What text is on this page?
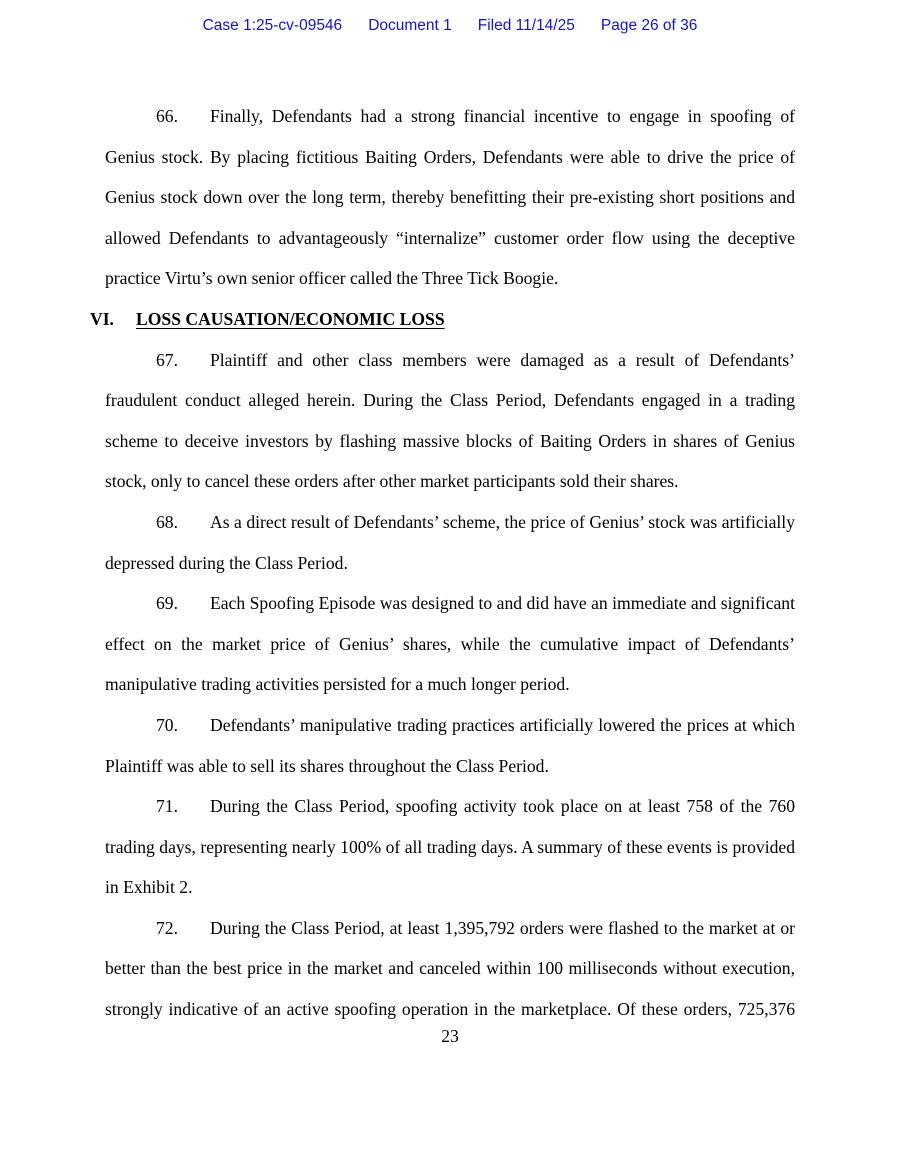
Case 1:25-cv-09546 Document 1 Filed 11/14/25 Page 26 of 36

66. Finally, Defendants had a strong financial incentive to engage in spoofing of Genius stock. By placing fictitious Baiting Orders, Defendants were able to drive the price of Genius stock down over the long term, thereby benefitting their pre-existing short positions and allowed Defendants to advantageously “internalize” customer order flow using the deceptive practice Virtu’s own senior officer called the Three Tick Boogie.

VI. LOSS CAUSATION/ECONOMIC LOSS

67. Plaintiff and other class members were damaged as a result of Defendants’ fraudulent conduct alleged herein. During the Class Period, Defendants engaged in a trading scheme to deceive investors by flashing massive blocks of Baiting Orders in shares of Genius stock, only to cancel these orders after other market participants sold their shares.

68. As a direct result of Defendants’ scheme, the price of Genius’ stock was artificially depressed during the Class Period.

69. Each Spoofing Episode was designed to and did have an immediate and significant effect on the market price of Genius’ shares, while the cumulative impact of Defendants’ manipulative trading activities persisted for a much longer period.

70. Defendants’ manipulative trading practices artificially lowered the prices at which Plaintiff was able to sell its shares throughout the Class Period.

71. During the Class Period, spoofing activity took place on at least 758 of the 760 trading days, representing nearly 100% of all trading days. A summary of these events is provided in Exhibit 2.

72. During the Class Period, at least 1,395,792 orders were flashed to the market at or better than the best price in the market and canceled within 100 milliseconds without execution, strongly indicative of an active spoofing operation in the marketplace. Of these orders, 725,376

23
